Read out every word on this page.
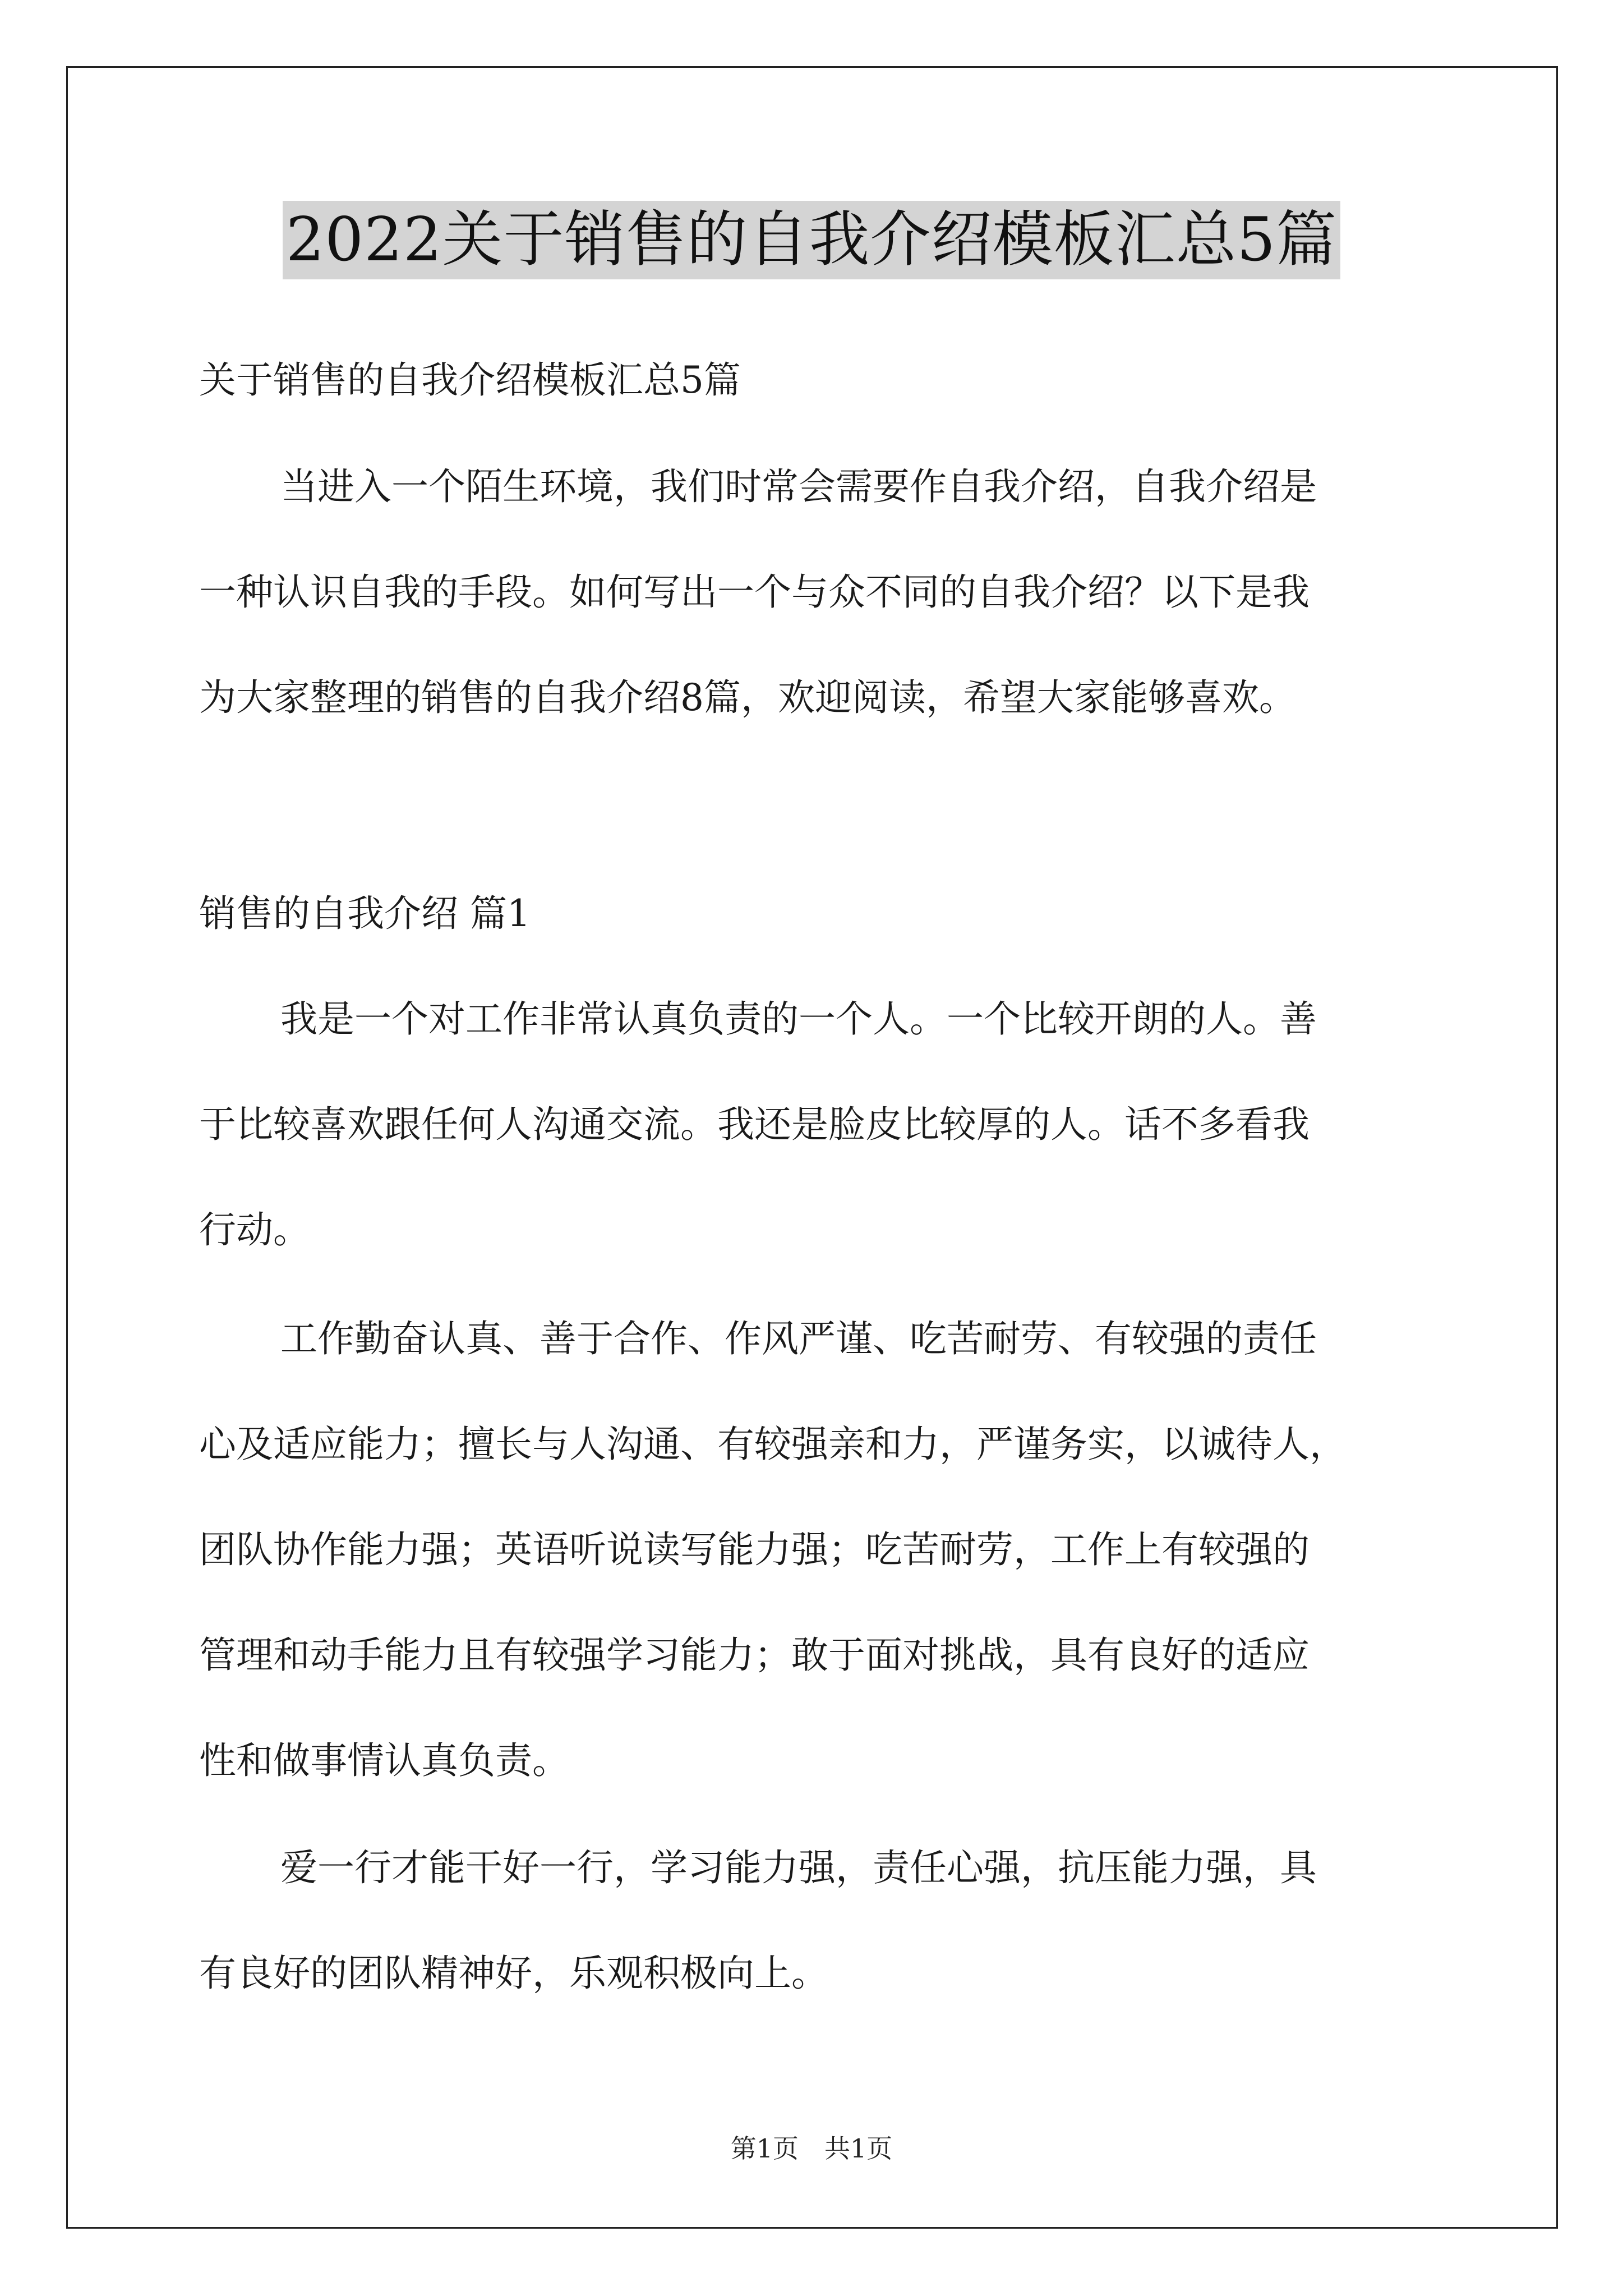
2022关于销售的自我介绍模板汇总5篇
关于销售的自我介绍模板汇总5篇
当进入一个陌生环境，我们时常会需要作自我介绍，自我介绍是
一种认识自我的手段。如何写出一个与众不同的自我介绍？以下是我
为大家整理的销售的自我介绍8篇，欢迎阅读，希望大家能够喜欢。
销售的自我介绍 篇1
我是一个对工作非常认真负责的一个人。一个比较开朗的人。善
于比较喜欢跟任何人沟通交流。我还是脸皮比较厚的人。话不多看我
行动。
工作勤奋认真、善于合作、作风严谨、吃苦耐劳、有较强的责任
心及适应能力；擅长与人沟通、有较强亲和力，严谨务实，以诚待人，
团队协作能力强；英语听说读写能力强；吃苦耐劳，工作上有较强的
管理和动手能力且有较强学习能力；敢于面对挑战，具有良好的适应
性和做事情认真负责。
爱一行才能干好一行，学习能力强，责任心强，抗压能力强，具
有良好的团队精神好，乐观积极向上。
第1页　共1页
